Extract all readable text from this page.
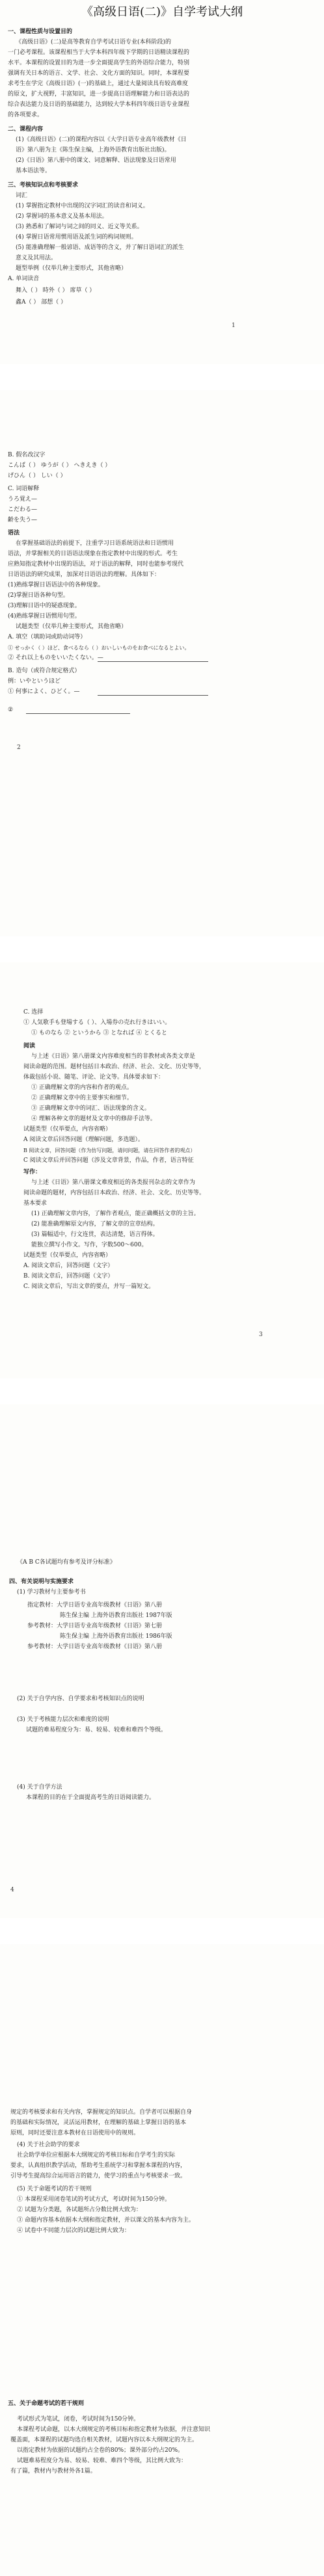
《高级日语(二)》自学考试大纲
一、课程性质与设置目的
《高级日语》(二)是高等教育自学考试日语专业(本科阶段)的
一门必考课程。该课程相当于大学本科四年级下学期的日语精读课程的
水平。本课程的设置目的为进一步全面提高学生的外语综合能力，特别
强调有关日本的语言、文学、社会、文化方面的知识。同时，本课程要
求考生在学完《高级日语》(一)的基础上，通过大量阅读具有较高难度
的原文，扩大视野，丰富知识，进一步提高日语理解能力和日语表达的
综合表达能力及日语的基础能力，达到较大学本科四年级日语专业课程
的各项要求。
二、课程内容
(1)《高级日语》(二)的课程内容以《大学日语专业高年级教材《日
语》第八册为主《陈生保主编，上海外语教育出版社出版)。
(2)《日语》第八册中的课文、词意解释、语法现象及日语常用
基本语法等。
三、考核知识点和考核要求
词汇
(1) 掌握指定教材中出现的汉字词汇的读音和词义。
(2) 掌握词的基本意义及基本用法。
(3) 熟悉和了解词与词之间的同义、近义等关系。
(4) 掌握日语常用惯用语及派生词的构词规则。
(5) 能准确理解一般谚语、成语等的含义，并了解日语词汇的派生
意义及其用法。
题型举例（仅举几种主要形式，其他省略）
A. 单词读音
舞入（ ） 時外（ ） 席草（ ）
鑫A（ ） 部想（ ）
1
B. 假名改汉字
こんぱ（ ） ゆうが（ ） へきえき（ ）
げひん（ ） しい（ ）
C. 词语解释
うろ覚え—
こだわる—
齢を失う—
语法
在掌握基础语法的前提下，注重学习日语系统语法和日语惯用
语法，并掌握相关的日语语法现象在指定教材中出现的形式。考生
应熟知指定教材中出现的语法，对于语法的解释，同时也能参考现代
日语语法的研究成果，加深对日语语法的理解。具体如下：
(1)熟练掌握日语语法中的各种现象。
(2)掌握日语各种句型。
(3)理解日语中的疑惑现象。
(4)熟练掌握日语惯用句型。
试题类型（仅举几种主要形式，其他省略）
A. 填空（填助词或助动词等）
① せっかく（ ）ほど、食べるなら（ ）おいしいものをお食べになるとよい。
② それ以上ものをいいたくない。—
B. 造句（或符合规定格式）
例：いやというほど
① 何事によく、ひどく。—
②
2
C. 选择
① 人気歌手も登場する（ ）、入場券の売れ行きはいい。
① ものなら ② というから ③ となれば ④ とくると
阅读
与上述《日语》第八册课文内容难度相当的非教材或各类文章是
阅读命题的范围。题材包括日本政治、经济、社会、文化、历史等等，
体裁包括小说、随笔、评论、论文等。具体要求如下：
① 正确理解文章的内容和作者的观点。
② 正确理解文章中的主要事实和细节。
③ 正确理解文章中的词汇、语法现象的含义。
④ 理解各种文章的题材及文章中的修辞手法等。
试题类型（仅举要点，内容省略）
A 阅读文章后回答问题（理解问题，多选题）。
B 阅读文章，回答问题（作为仿写问题，请问问题，请在回答作者的观点）
C 阅读文章后并回答问题（涉及文章背景，作品，作者，语言特征
写作：
与上述《日语》第八册课文难度相近的各类报刊杂志的文章作为
阅读命题的题材，内容包括日本政治、经济、社会、文化、历史等等。
基本要求
(1) 正确理解文章内容，了解作者观点，能正确概括文章的主旨。
(2) 能准确理解原文内容，了解文章的宣章结构。
(3) 篇幅适中，行文连贯，表达清楚，语言得体。
能独立撰写小作文。写作，字数500～600。
试题类型（仅举要点，内容省略）
A. 阅读文章后，回答问题（文字）
B. 阅读文章后，回答问题（文字）
C. 阅读文章后，写出文章的要点，并写一篇短文。
3
《A B C各试题均有参考及评分标准》
四、有关说明与实施要求
(1) 学习教材与主要参考书
指定教材：大学日语专业高年级教材《日语》第八册
陈生保主编 上海外语教育出版社 1987年版
参考教材：大学日语专业高年级教材《日语》第七册
陈生保主编 上海外语教育出版社 1986年版
参考教材：大学日语专业高年级教材《日语》第八册
(2) 关于自学内容、自学要求和考核知识点的说明
(3) 关于考核能力层次和难度的说明
试题的难易程度分为：易、较易、较难和难四个等级。
(4) 关于自学方法
本课程的目的在于全面提高考生的日语阅读能力。
4
规定的考核要求和有关内容，掌握规定的知识点。自学者可以根据自身
的基础和实际情况，灵活运用教材，在理解的基础上掌握日语的基本
原则，同时还要注意本教材在日语使用中的规则。
(4) 关于社会助学的要求
社会助学单位应根据本大纲规定的考核目标和自学考生的实际
要求，认真组织教学活动，帮助考生系统学习和掌握本课程的内容，
引导考生提高综合运用语言的能力，使学习的重点与考核要求一致。
(5) 关于命题考试的若干规则
① 本课程采用闭卷笔试的考试方式，考试时间为150分钟。
② 试题为分类题，各试题所占分数比例大致为：
③ 命题内容基本依据本大纲和指定教材，并以课文的基本内容为主。
④ 试卷中不同能力层次的试题比例大致为：
五、关于命题考试的若干规则
考试形式为笔试，闭卷，考试时间为150分钟。
本课程考试命题，以本大纲规定的考核目标和指定教材为依据，并注意知识
覆盖面，本课程的试题均选自相关教材，试题内容以本大纲规定的为主。
以指定教材为依据的试题约占全卷的80%；课外部分约占20%。
试题难易程度分为易、较易、较难、难四个等级，其比例大致为：
有了篇，教材内与教材外各1篇。
